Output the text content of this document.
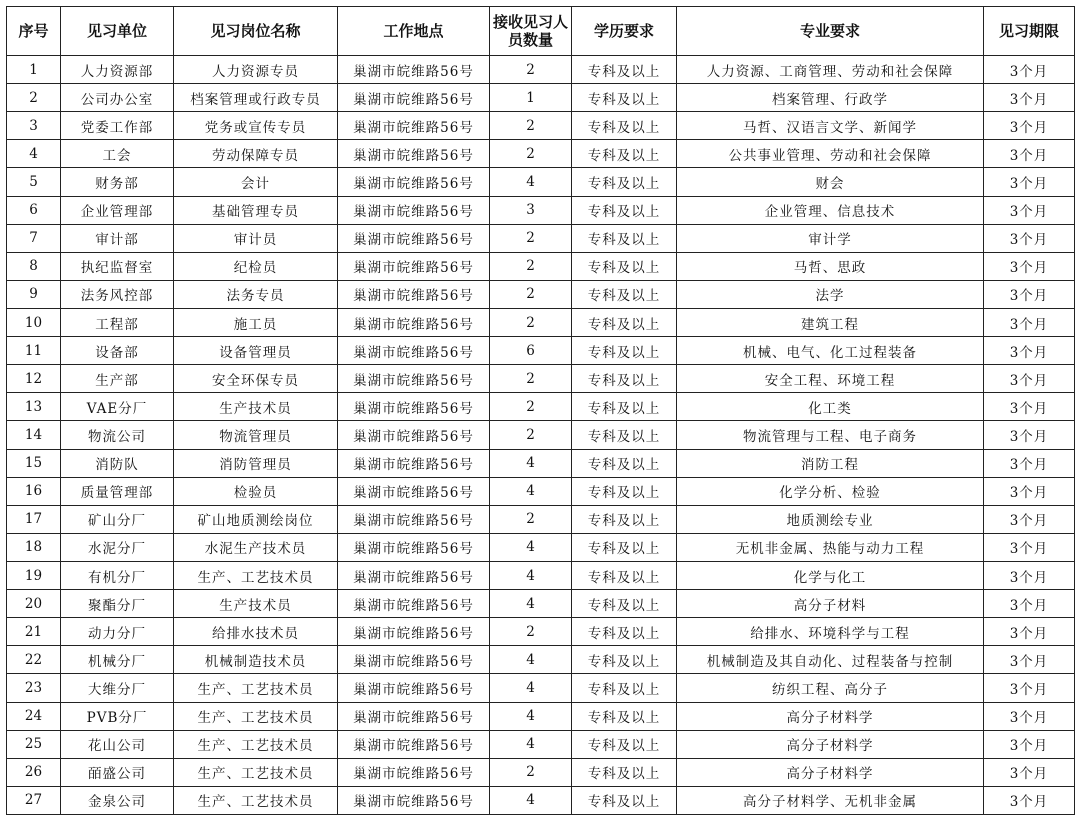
序号	见习单位	见习岗位名称	工作地点	接收见习人员数量	学历要求	专业要求	见习期限
1	人力资源部	人力资源专员	巢湖市皖维路56号	2	专科及以上	人力资源、工商管理、劳动和社会保障	3个月
2	公司办公室	档案管理或行政专员	巢湖市皖维路56号	1	专科及以上	档案管理、行政学	3个月
3	党委工作部	党务或宣传专员	巢湖市皖维路56号	2	专科及以上	马哲、汉语言文学、新闻学	3个月
4	工会	劳动保障专员	巢湖市皖维路56号	2	专科及以上	公共事业管理、劳动和社会保障	3个月
5	财务部	会计	巢湖市皖维路56号	4	专科及以上	财会	3个月
6	企业管理部	基础管理专员	巢湖市皖维路56号	3	专科及以上	企业管理、信息技术	3个月
7	审计部	审计员	巢湖市皖维路56号	2	专科及以上	审计学	3个月
8	执纪监督室	纪检员	巢湖市皖维路56号	2	专科及以上	马哲、思政	3个月
9	法务风控部	法务专员	巢湖市皖维路56号	2	专科及以上	法学	3个月
10	工程部	施工员	巢湖市皖维路56号	2	专科及以上	建筑工程	3个月
11	设备部	设备管理员	巢湖市皖维路56号	6	专科及以上	机械、电气、化工过程装备	3个月
12	生产部	安全环保专员	巢湖市皖维路56号	2	专科及以上	安全工程、环境工程	3个月
13	VAE分厂	生产技术员	巢湖市皖维路56号	2	专科及以上	化工类	3个月
14	物流公司	物流管理员	巢湖市皖维路56号	2	专科及以上	物流管理与工程、电子商务	3个月
15	消防队	消防管理员	巢湖市皖维路56号	4	专科及以上	消防工程	3个月
16	质量管理部	检验员	巢湖市皖维路56号	4	专科及以上	化学分析、检验	3个月
17	矿山分厂	矿山地质测绘岗位	巢湖市皖维路56号	2	专科及以上	地质测绘专业	3个月
18	水泥分厂	水泥生产技术员	巢湖市皖维路56号	4	专科及以上	无机非金属、热能与动力工程	3个月
19	有机分厂	生产、工艺技术员	巢湖市皖维路56号	4	专科及以上	化学与化工	3个月
20	聚酯分厂	生产技术员	巢湖市皖维路56号	4	专科及以上	高分子材料	3个月
21	动力分厂	给排水技术员	巢湖市皖维路56号	2	专科及以上	给排水、环境科学与工程	3个月
22	机械分厂	机械制造技术员	巢湖市皖维路56号	4	专科及以上	机械制造及其自动化、过程装备与控制	3个月
23	大维分厂	生产、工艺技术员	巢湖市皖维路56号	4	专科及以上	纺织工程、高分子	3个月
24	PVB分厂	生产、工艺技术员	巢湖市皖维路56号	4	专科及以上	高分子材料学	3个月
25	花山公司	生产、工艺技术员	巢湖市皖维路56号	4	专科及以上	高分子材料学	3个月
26	皕盛公司	生产、工艺技术员	巢湖市皖维路56号	2	专科及以上	高分子材料学	3个月
27	金泉公司	生产、工艺技术员	巢湖市皖维路56号	4	专科及以上	高分子材料学、无机非金属	3个月
